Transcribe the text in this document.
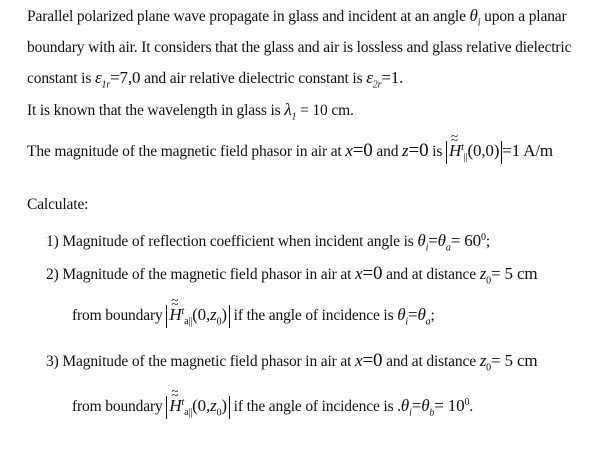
Parallel polarized plane wave propagate in glass and incident at an angle $\theta_i$ upon a planar
boundary with air. It considers that the glass and air is lossless and glass relative dielectric
constant is $\varepsilon_{1r}=7,0$ and air relative dielectric constant is $\varepsilon_{2r}=1$.
It is known that the wavelength in glass is $\lambda_1 = 10$ cm.
The magnitude of the magnetic field phasor in air at x=0 and z=0 is ~ H ~$^t_{||}$(0,0) =1 A/m
Calculate:
1) Magnitude of reflection coefficient when incident angle is $\theta_i=\theta_a= 60^0$;
2) Magnitude of the magnetic field phasor in air at x=0 and at distance $z_0= 5$ cm
from boundary ~ H $\sim^t_{a||}(0,z_0)$ if the angle of incidence is $\theta_i=\theta_a$;
3) Magnitude of the magnetic field phasor in air at x=0 and at distance $z_0= 5$ cm
from boundary ~ H $\sim^t_{a||}(0,z_0)$ if the angle of incidence is $.\theta_i=\theta_b= 10^0$.
